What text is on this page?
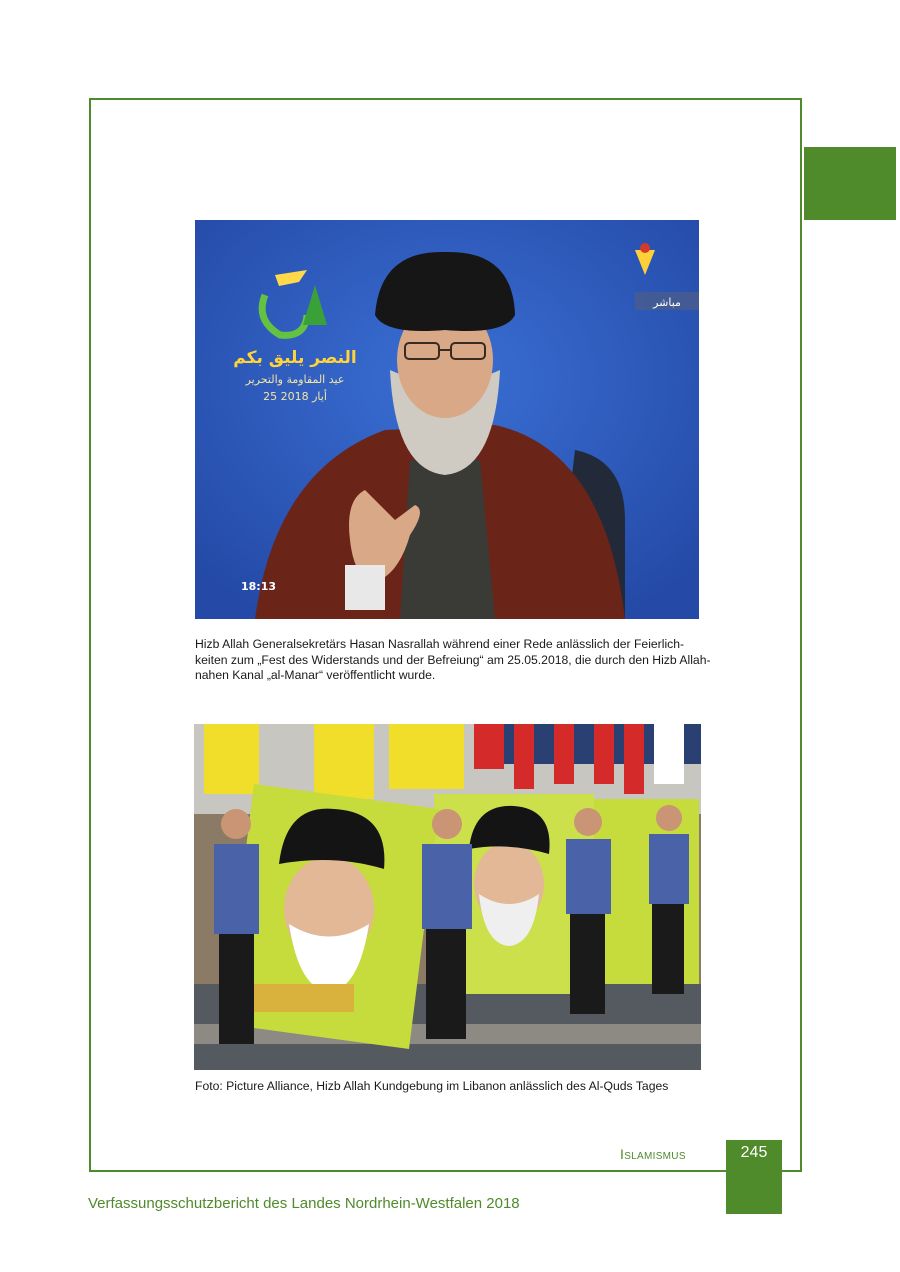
النصر يليق بكم
عيد المقاومة والتحرير
25 أيار 2018
مباشر
18:13

Hizb Allah Generalsekretärs Hasan Nasrallah während einer Rede anlässlich der Feierlich- keiten zum „Fest des Widerstands und der Befreiung“ am 25.05.2018, die durch den Hizb Allah-nahen Kanal „al-Manar“ veröffentlicht wurde.

Foto: Picture Alliance, Hizb Allah Kundgebung im Libanon anlässlich des Al-Quds Tages

Islamismus	245
Verfassungsschutzbericht des Landes Nordrhein-Westfalen 2018
